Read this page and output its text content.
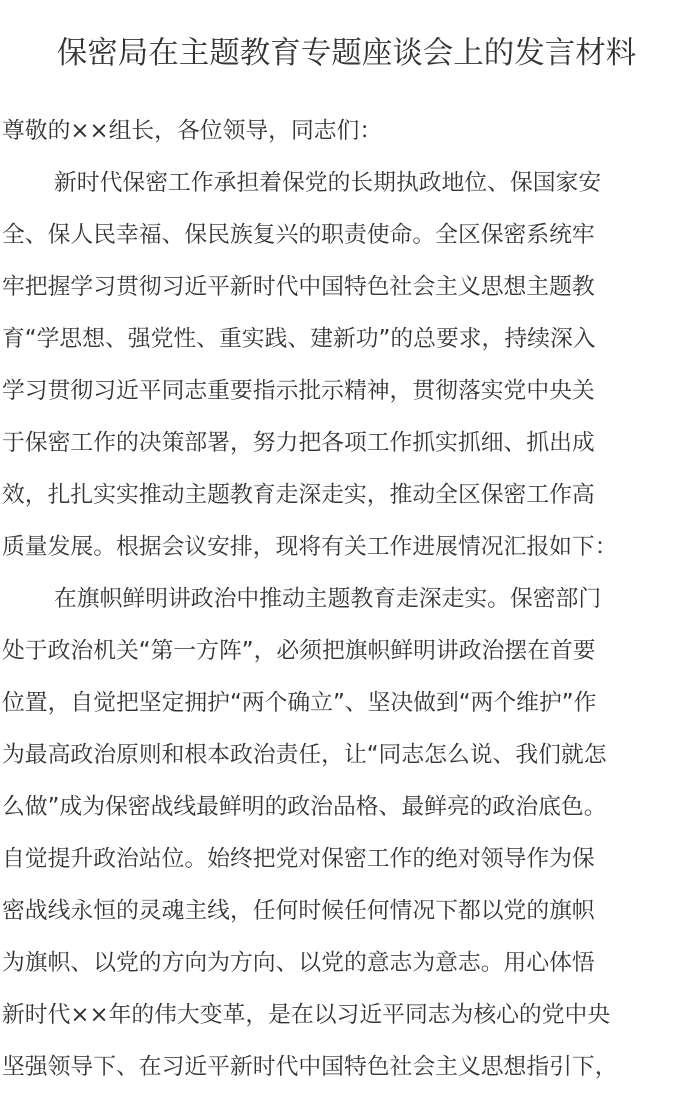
保密局在主题教育专题座谈会上的发言材料
尊敬的××组长，各位领导，同志们：
新时代保密工作承担着保党的长期执政地位、保国家安
全、保人民幸福、保民族复兴的职责使命。全区保密系统牢
牢把握学习贯彻习近平新时代中国特色社会主义思想主题教
育“学思想、强党性、重实践、建新功”的总要求，持续深入
学习贯彻习近平同志重要指示批示精神，贯彻落实党中央关
于保密工作的决策部署，努力把各项工作抓实抓细、抓出成
效，扎扎实实推动主题教育走深走实，推动全区保密工作高
质量发展。根据会议安排，现将有关工作进展情况汇报如下：
在旗帜鲜明讲政治中推动主题教育走深走实。保密部门
处于政治机关“第一方阵”，必须把旗帜鲜明讲政治摆在首要
位置，自觉把坚定拥护“两个确立”、坚决做到“两个维护”作
为最高政治原则和根本政治责任，让“同志怎么说、我们就怎
么做”成为保密战线最鲜明的政治品格、最鲜亮的政治底色。
自觉提升政治站位。始终把党对保密工作的绝对领导作为保
密战线永恒的灵魂主线，任何时候任何情况下都以党的旗帜
为旗帜、以党的方向为方向、以党的意志为意志。用心体悟
新时代××年的伟大变革，是在以习近平同志为核心的党中央
坚强领导下、在习近平新时代中国特色社会主义思想指引下，
